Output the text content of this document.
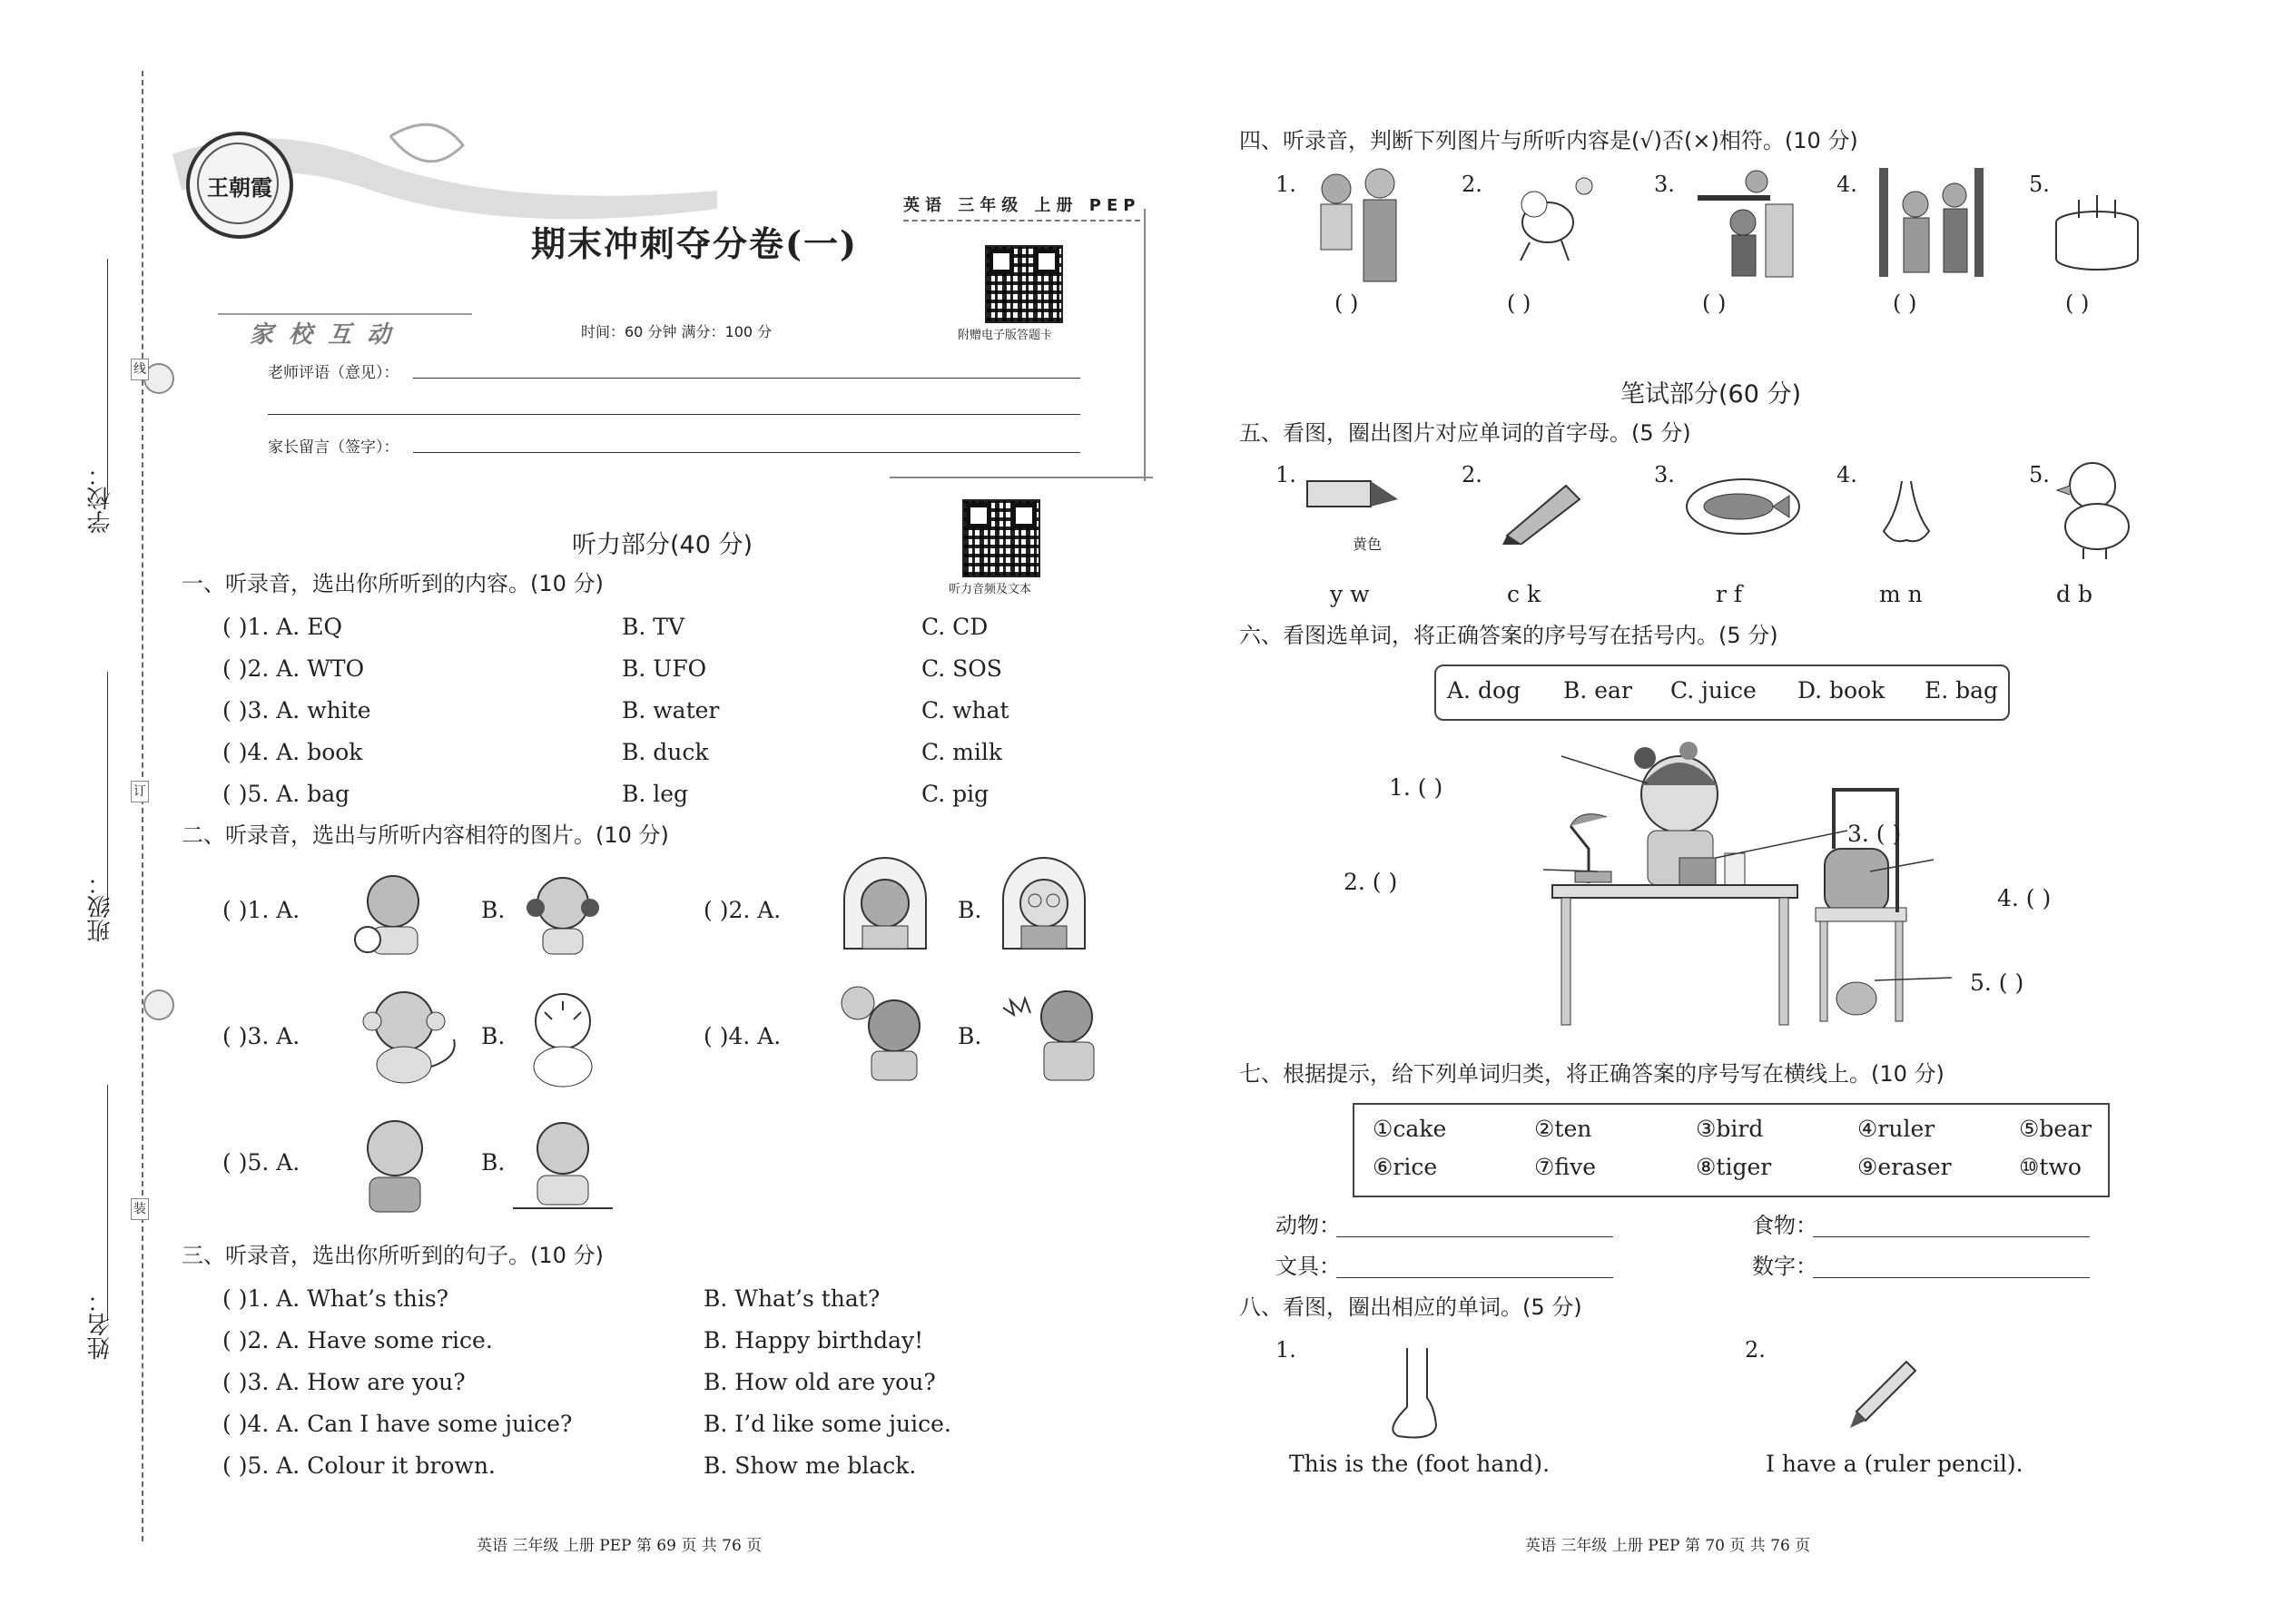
线
订
装
学校：
班级：
姓名：
王朝霞
英语 三年级 上册 PEP
期末冲刺夺分卷(一)
附赠电子版答题卡
家 校 互 动	时间：60 分钟 满分：100 分
老师评语（意见）：
家长留言（签字）：
听力部分(40 分)
听力音频及文本
一、听录音，选出你所听到的内容。(10 分)
( )1. A. EQ	B. TV	C. CD
( )2. A. WTO	B. UFO	C. SOS
( )3. A. white	B. water	C. what
( )4. A. book	B. duck	C. milk
( )5. A. bag	B. leg	C. pig
二、听录音，选出与所听内容相符的图片。(10 分)
( )1. A.	B.	( )2. A.	B.
( )3. A.	B.	( )4. A.	B.
( )5. A.	B.
三、听录音，选出你所听到的句子。(10 分)
( )1. A. What’s this?	B. What’s that?
( )2. A. Have some rice.	B. Happy birthday!
( )3. A. How are you?	B. How old are you?
( )4. A. Can I have some juice?	B. I’d like some juice.
( )5. A. Colour it brown.	B. Show me black.
英语 三年级 上册 PEP 第 69 页 共 76 页
四、听录音，判断下列图片与所听内容是(√)否(×)相符。(10 分)
1.
( )
2.
( )
3.
( )
4.
( )
5.
( )
笔试部分(60 分)
五、看图，圈出图片对应单词的首字母。(5 分)
1.
黄色
y w
2.
c k
3.
r f
4.
m n
5.
d b
六、看图选单词，将正确答案的序号写在括号内。(5 分)
A. dog B. ear C. juice D. book E. bag
1. ( )
2. ( )
3. ( )
4. ( )
5. ( )
七、根据提示，给下列单词归类，将正确答案的序号写在横线上。(10 分)
①cake	②ten	③bird	④ruler	⑤bear
⑥rice	⑦five	⑧tiger	⑨eraser	⑩two
动物：	食物：
文具：	数字：
八、看图，圈出相应的单词。(5 分)
1.
This is the (foot hand).
2.
I have a (ruler pencil).
英语 三年级 上册 PEP 第 70 页 共 76 页
